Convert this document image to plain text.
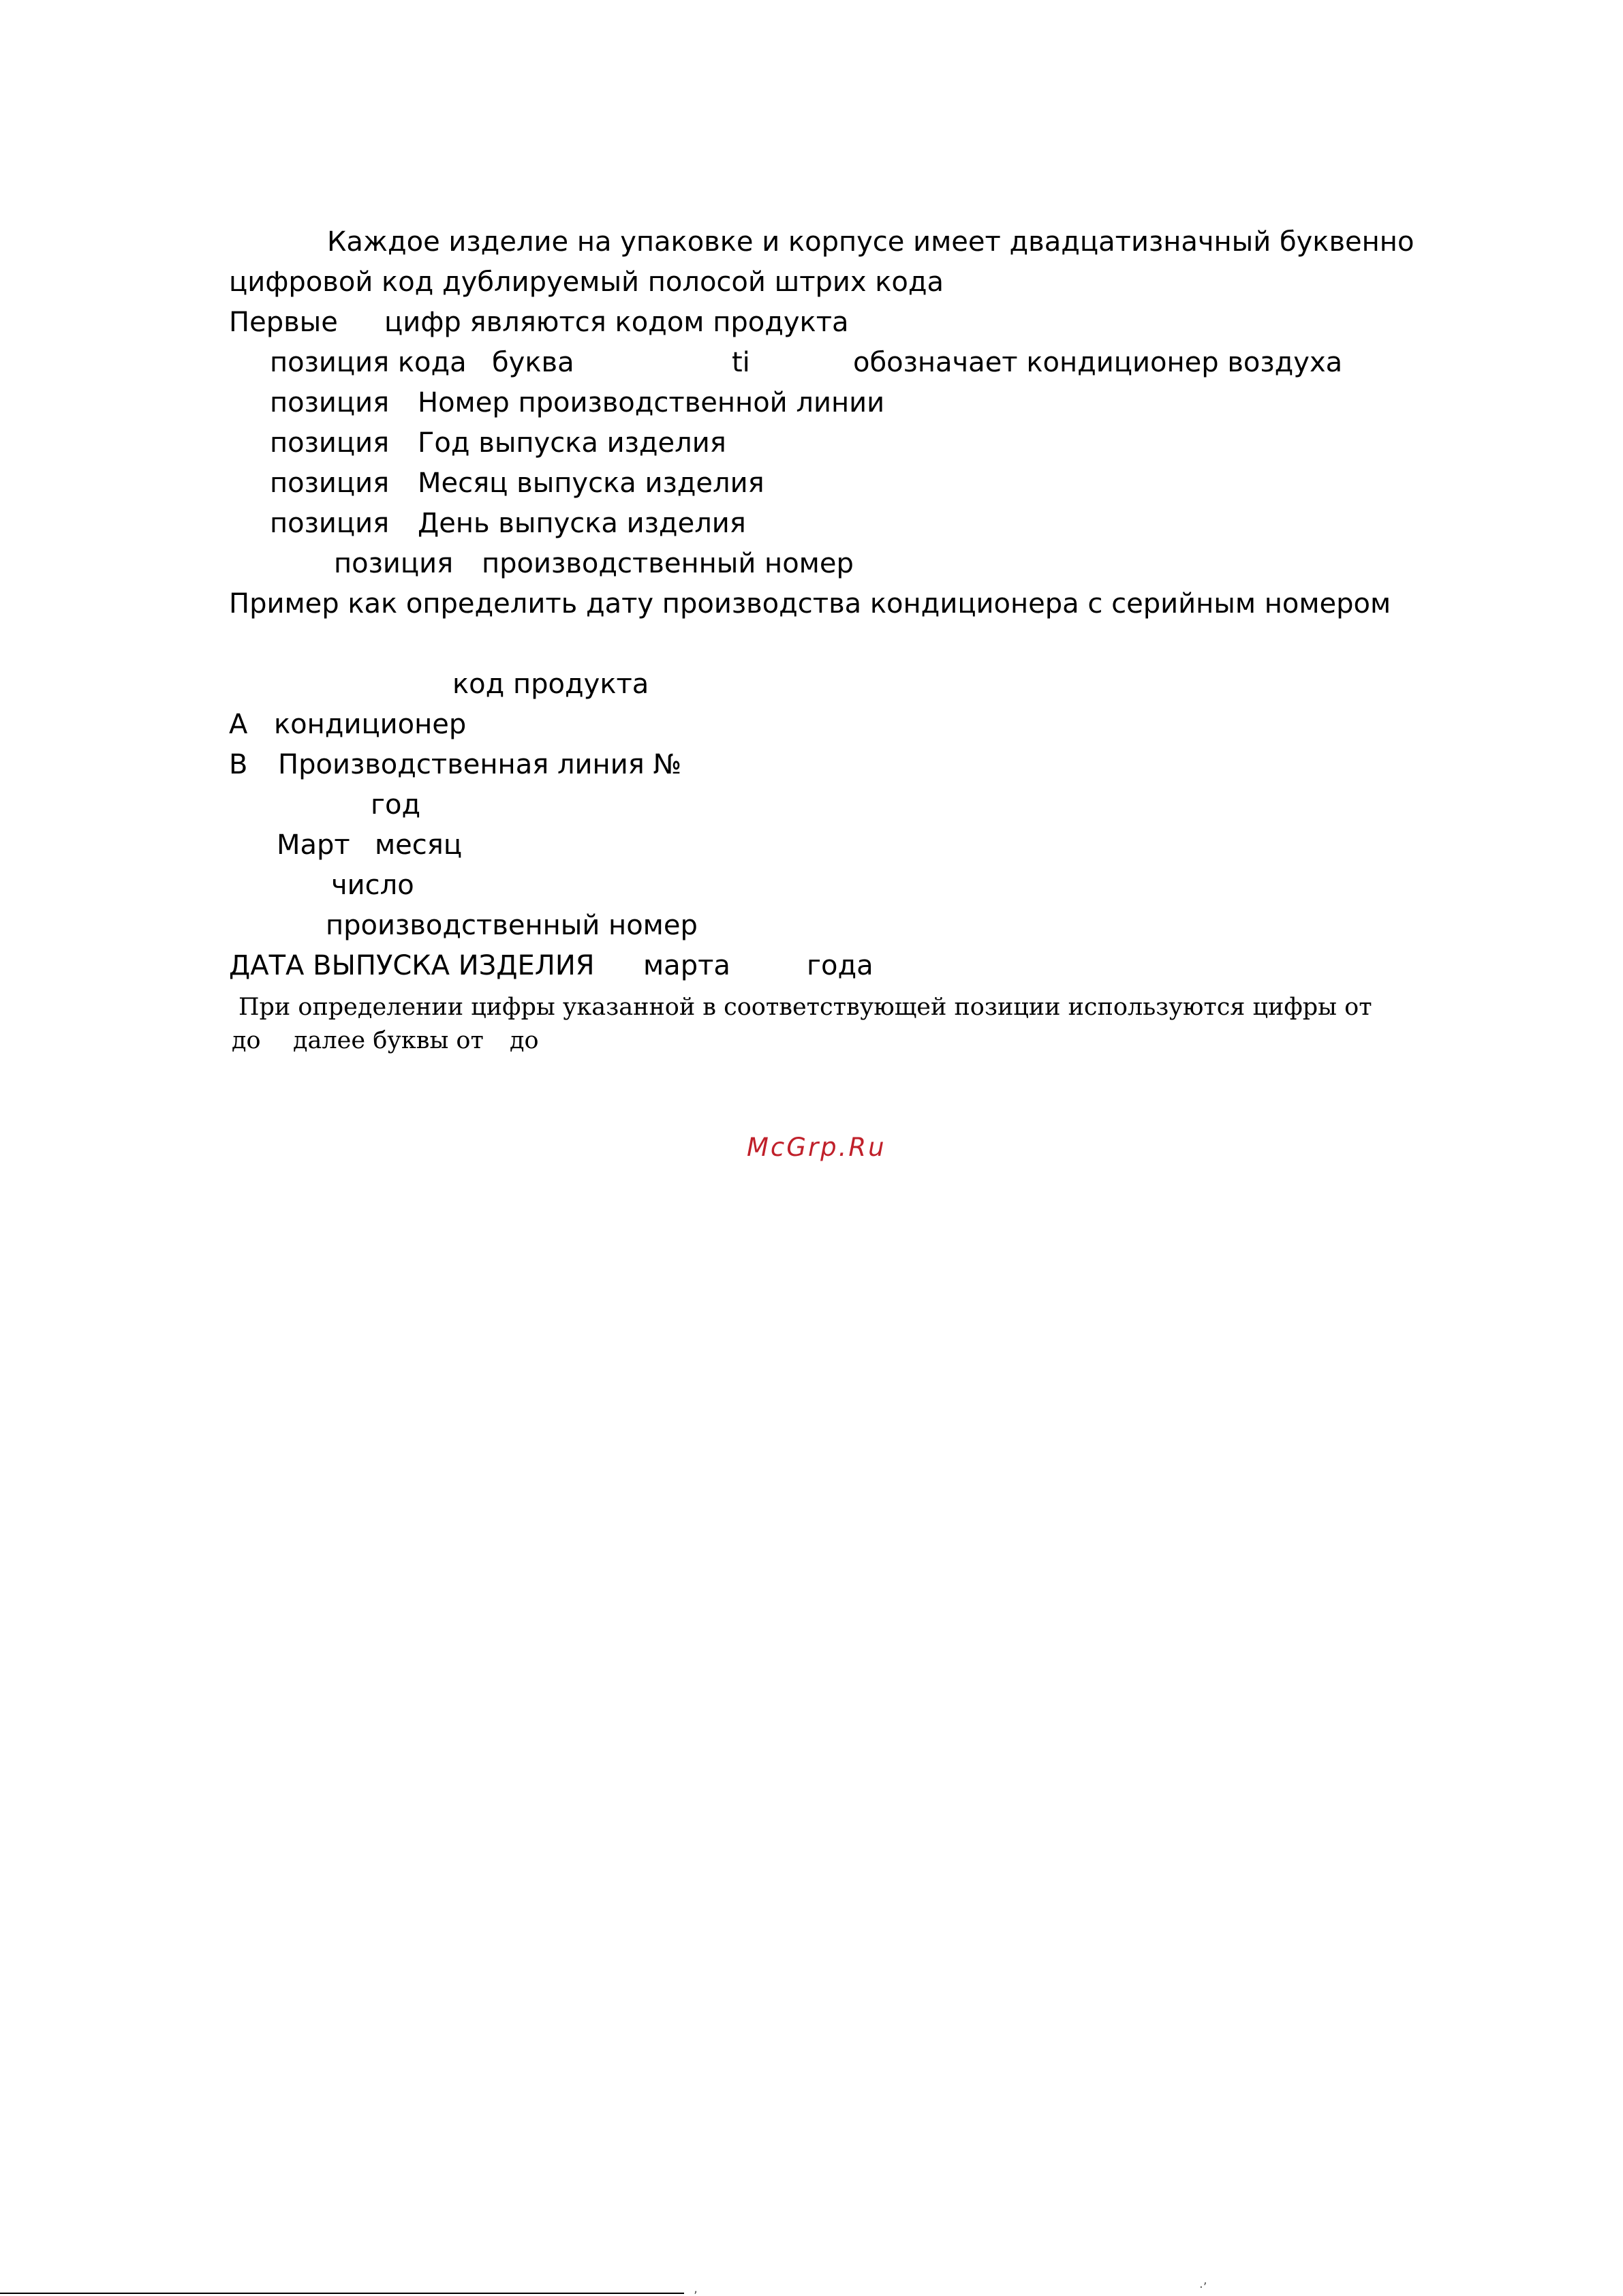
Каждое изделие на упаковке и корпусе имеет двадцатизначный буквенно
цифровой код дублируемый полосой штрих кода
Первые цифр являются кодом продукта
позиция кода буква	ti	обозначает кондиционер воздуха
позиция Номер производственной линии
позиция Год выпуска изделия
позиция Месяц выпуска изделия
позиция День выпуска изделия
позиция производственный номер
Пример как определить дату производства кондиционера с серийным номером
код продукта
А кондиционер
В Производственная линия №
год
Март месяц
число
производственный номер
ДАТА ВЫПУСКА ИЗДЕЛИЯ марта	года
При определении цифры указанной в соответствующей позиции используются цифры от
до далее буквы от до
McGrp.Ru
‚	·’
